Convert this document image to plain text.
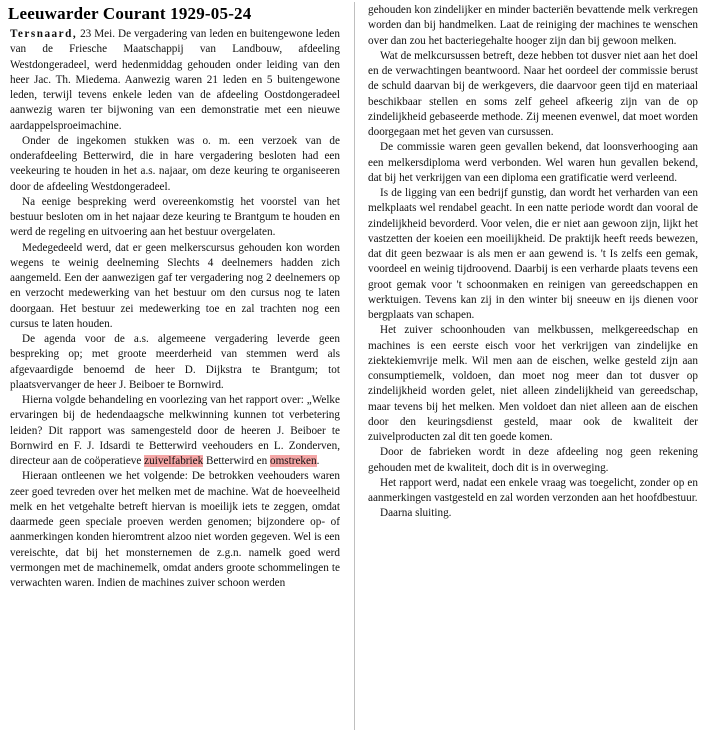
Leeuwarder Courant 1929-05-24

Tersnaard, 23 Mei. De vergadering van leden en buitengewone leden van de Friesche Maatschappij van Landbouw, afdeeling Westdongeradeel, werd hedenmiddag gehouden onder leiding van den heer Jac. Th. Miedema. Aanwezig waren 21 leden en 5 buitengewone leden, terwijl tevens enkele leden van de afdeeling Oostdongeradeel aanwezig waren ter bijwoning van een demonstratie met een nieuwe aardappelsproeimachine.

Onder de ingekomen stukken was o. m. een verzoek van de onderafdeeling Betterwird, die in hare vergadering besloten had een veekeuring te houden in het a.s. najaar, om deze keuring te organiseeren door de afdeeling Westdongeradeel.

Na eenige bespreking werd overeenkomstig het voorstel van het bestuur besloten om in het najaar deze keuring te Brantgum te houden en werd de regeling en uitvoering aan het bestuur overgelaten.

Medegedeeld werd, dat er geen melkerscursus gehouden kon worden wegens te weinig deelneming Slechts 4 deelnemers hadden zich aangemeld. Een der aanwezigen gaf ter vergadering nog 2 deelnemers op en verzocht medewerking van het bestuur om den cursus nog te laten doorgaan. Het bestuur zei medewerking toe en zal trachten nog een cursus te laten houden.

De agenda voor de a.s. algemeene vergadering leverde geen bespreking op; met groote meerderheid van stemmen werd als afgevaardigde benoemd de heer D. Dijkstra te Brantgum; tot plaatsvervanger de heer J. Beiboer te Bornwird.

Hierna volgde behandeling en voorlezing van het rapport over: „Welke ervaringen bij de hedendaagsche melkwinning kunnen tot verbetering leiden? Dit rapport was samengesteld door de heeren J. Beiboer te Bornwird en F. J. Idsardi te Betterwird veehouders en L. Zonderven, directeur aan de coöperatieve zuivelfabriek Betterwird en omstreken.

Hieraan ontleenen we het volgende: De betrokken veehouders waren zeer goed tevreden over het melken met de machine. Wat de hoeveelheid melk en het vetgehalte betreft hiervan is moeilijk iets te zeggen, omdat daarmede geen speciale proeven werden genomen; bijzondere op- of aanmerkingen konden hieromtrent alzoo niet worden gegeven. Wel is een vereischte, dat bij het monsternemen de z.g.n. namelk goed werd vermongen met de machinemelk, omdat anders groote schommelingen te verwachten waren. Indien de machines zuiver schoon werden

gehouden kon zindelijker en minder bacteriën bevattende melk verkregen worden dan bij handmelken. Laat de reiniging der machines te wenschen over dan zou het bacteriegehalte hooger zijn dan bij gewoon melken.

Wat de melkcursussen betreft, deze hebben tot dusver niet aan het doel en de verwachtingen beantwoord. Naar het oordeel der commissie berust de schuld daarvan bij de werkgevers, die daarvoor geen tijd en materiaal beschikbaar stellen en soms zelf geheel afkeerig zijn van de op zindelijkheid gebaseerde methode. Zij meenen evenwel, dat moet worden doorgegaan met het geven van cursussen.

De commissie waren geen gevallen bekend, dat loonsverhooging aan een melkersdiploma werd verbonden. Wel waren hun gevallen bekend, dat bij het verkrijgen van een diploma een gratificatie werd verleend.

Is de ligging van een bedrijf gunstig, dan wordt het verharden van een melkplaats wel rendabel geacht. In een natte periode wordt dan vooral de zindelijkheid bevorderd. Voor velen, die er niet aan gewoon zijn, lijkt het vastzetten der koeien een moeilijkheid. De praktijk heeft reeds bewezen, dat dit geen bezwaar is als men er aan gewend is. 't Is zelfs een gemak, voordeel en weinig tijdroovend. Daarbij is een verharde plaats tevens een groot gemak voor 't schoonmaken en reinigen van gereedschappen en werktuigen. Tevens kan zij in den winter bij sneeuw en ijs dienen voor bergplaats van schapen.

Het zuiver schoonhouden van melkbussen, melkgereedschap en machines is een eerste eisch voor het verkrijgen van zindelijke en ziektekiemvrije melk. Wil men aan de eischen, welke gesteld zijn aan consumptiemelk, voldoen, dan moet nog meer dan tot dusver op zindelijkheid worden gelet, niet alleen zindelijkheid van gereedschap, maar tevens bij het melken. Men voldoet dan niet alleen aan de eischen door den keuringsdienst gesteld, maar ook de kwaliteit der zuivelproducten zal dit ten goede komen.

Door de fabrieken wordt in deze afdeeling nog geen rekening gehouden met de kwaliteit, doch dit is in overweging.

Het rapport werd, nadat een enkele vraag was toegelicht, zonder op en aanmerkingen vastgesteld en zal worden verzonden aan het hoofdbestuur.

Daarna sluiting.
